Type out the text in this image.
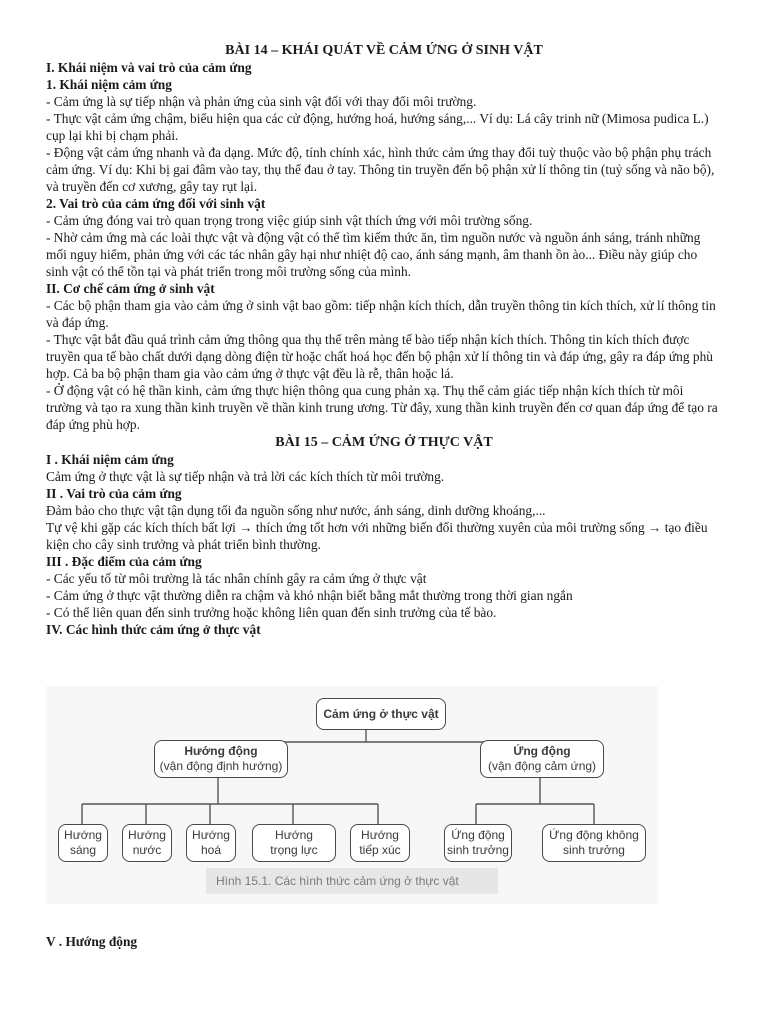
BÀI 14 – KHÁI QUÁT VỀ CẢM ỨNG Ở SINH VẬT

I. Khái niệm và vai trò của cảm ứng

1. Khái niệm cảm ứng

- Cảm ứng là sự tiếp nhận và phản ứng của sinh vật đối với thay đổi môi trường.

- Thực vật cảm ứng chậm, biểu hiện qua các cử động, hướng hoá, hướng sáng,... Ví dụ: Lá cây trinh nữ (Mimosa pudica L.) cụp lại khi bị chạm phải.

- Động vật cảm ứng nhanh và đa dạng. Mức độ, tính chính xác, hình thức cảm ứng thay đổi tuỳ thuộc vào bộ phận phụ trách cảm ứng. Ví dụ: Khi bị gai đâm vào tay, thụ thể đau ở tay. Thông tin truyền đến bộ phận xử lí thông tin (tuỷ sống và não bộ), và truyền đến cơ xương, gây tay rụt lại.

2. Vai trò của cảm ứng đối với sinh vật

- Cảm ứng đóng vai trò quan trọng trong việc giúp sinh vật thích ứng với môi trường sống.

- Nhờ cảm ứng mà các loài thực vật và động vật có thể tìm kiếm thức ăn, tìm nguồn nước và nguồn ánh sáng, tránh những mối nguy hiểm, phản ứng với các tác nhân gây hại như nhiệt độ cao, ánh sáng mạnh, âm thanh ồn ào... Điều này giúp cho sinh vật có thể tồn tại và phát triển trong môi trường sống của mình.

II. Cơ chế cảm ứng ở sinh vật

- Các bộ phận tham gia vào cảm ứng ở sinh vật bao gồm: tiếp nhận kích thích, dẫn truyền thông tin kích thích, xử lí thông tin và đáp ứng.

- Thực vật bắt đầu quá trình cảm ứng thông qua thụ thể trên màng tế bào tiếp nhận kích thích. Thông tin kích thích được truyền qua tế bào chất dưới dạng dòng điện từ hoặc chất hoá học đến bộ phận xử lí thông tin và đáp ứng, gây ra đáp ứng phù hợp. Cả ba bộ phận tham gia vào cảm ứng ở thực vật đều là rễ, thân hoặc lá.

- Ở động vật có hệ thần kinh, cảm ứng thực hiện thông qua cung phản xạ. Thụ thể cảm giác tiếp nhận kích thích từ môi trường và tạo ra xung thần kinh truyền về thần kinh trung ương. Từ đây, xung thần kinh truyền đến cơ quan đáp ứng để tạo ra đáp ứng phù hợp.

BÀI 15 – CẢM ỨNG Ở THỰC VẬT

I . Khái niệm cảm ứng

Cảm ứng ở thực vật là sự tiếp nhận và trả lời các kích thích từ môi trường.

II . Vai trò của cảm ứng

Đảm bảo cho thực vật tận dụng tối đa nguồn sống như nước, ánh sáng, dinh dưỡng khoáng,...

Tự vệ khi gặp các kích thích bất lợi → thích ứng tốt hơn với những biến đổi thường xuyên của môi trường sống → tạo điều kiện cho cây sinh trưởng và phát triển bình thường.

III . Đặc điểm của cảm ứng

- Các yếu tố từ môi trường là tác nhân chính gây ra cảm ứng ở thực vật

- Cảm ứng ở thực vật thường diễn ra chậm và khó nhận biết bằng mắt thường trong thời gian ngắn

- Có thể liên quan đến sinh trưởng hoặc không liên quan đến sinh trưởng của tế bào.

IV. Các hình thức cảm ứng ở thực vật

Cảm ứng ở thực vật
Hướng động
(vận động định hướng)
Ứng động
(vận động cảm ứng)
Hướng
sáng
Hướng
nước
Hướng
hoá
Hướng
trọng lực
Hướng
tiếp xúc
Ứng động
sinh trưởng
Ứng động không
sinh trưởng
Hình 15.1. Các hình thức cảm ứng ở thực vật

V . Hướng động
